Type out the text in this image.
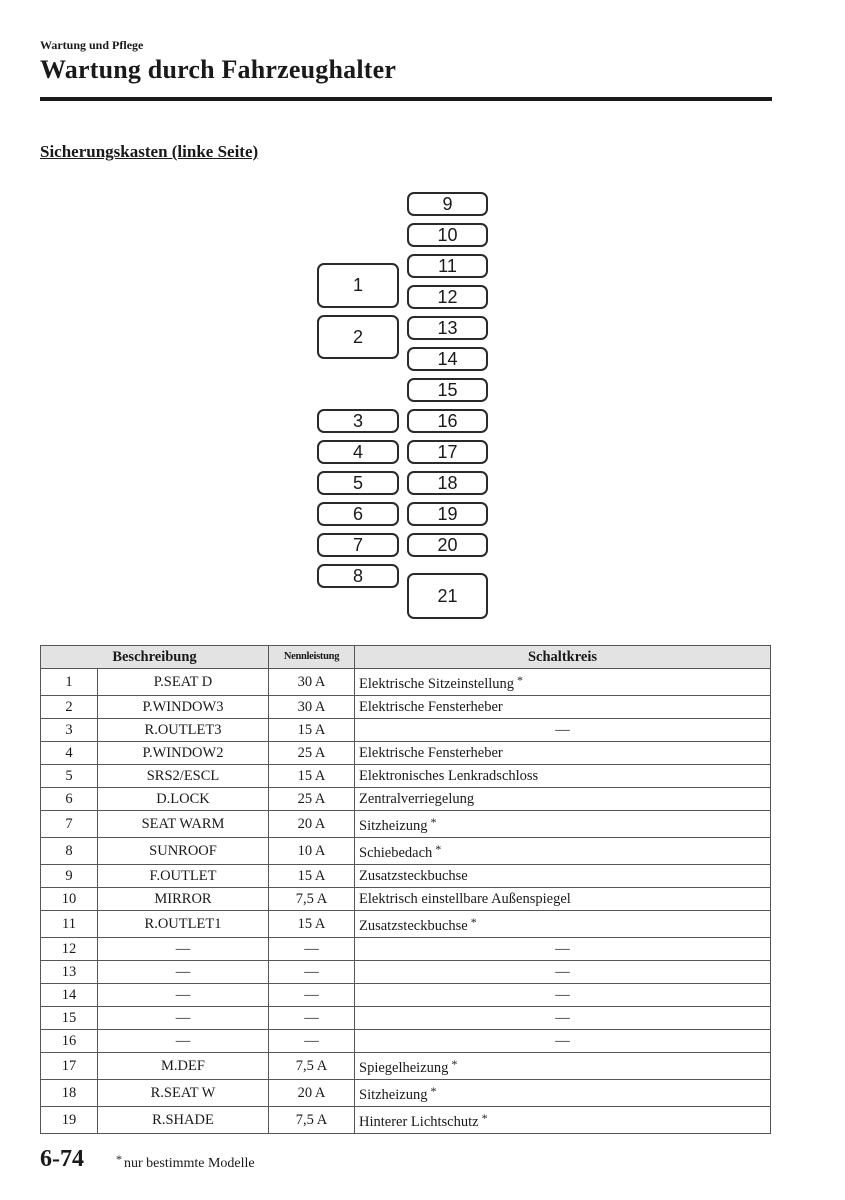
Wartung und Pflege
Wartung durch Fahrzeughalter
Sicherungskasten (linke Seite)
9
10
11
12
13
14
15
16
17
18
19
20
21
1
2
3
4
5
6
7
8
Beschreibung		Nennleistung	Schaltkreis
1	P.SEAT D	30 A	Elektrische Sitzeinstellung *
2	P.WINDOW3	30 A	Elektrische Fensterheber
3	R.OUTLET3	15 A	—
4	P.WINDOW2	25 A	Elektrische Fensterheber
5	SRS2/ESCL	15 A	Elektronisches Lenkradschloss
6	D.LOCK	25 A	Zentralverriegelung
7	SEAT WARM	20 A	Sitzheizung *
8	SUNROOF	10 A	Schiebedach *
9	F.OUTLET	15 A	Zusatzsteckbuchse
10	MIRROR	7,5 A	Elektrisch einstellbare Außenspiegel
11	R.OUTLET1	15 A	Zusatzsteckbuchse *
12	—	—	—
13	—	—	—
14	—	—	—
15	—	—	—
16	—	—	—
17	M.DEF	7,5 A	Spiegelheizung *
18	R.SEAT W	20 A	Sitzheizung *
19	R.SHADE	7,5 A	Hinterer Lichtschutz *
6-74	* nur bestimmte Modelle
